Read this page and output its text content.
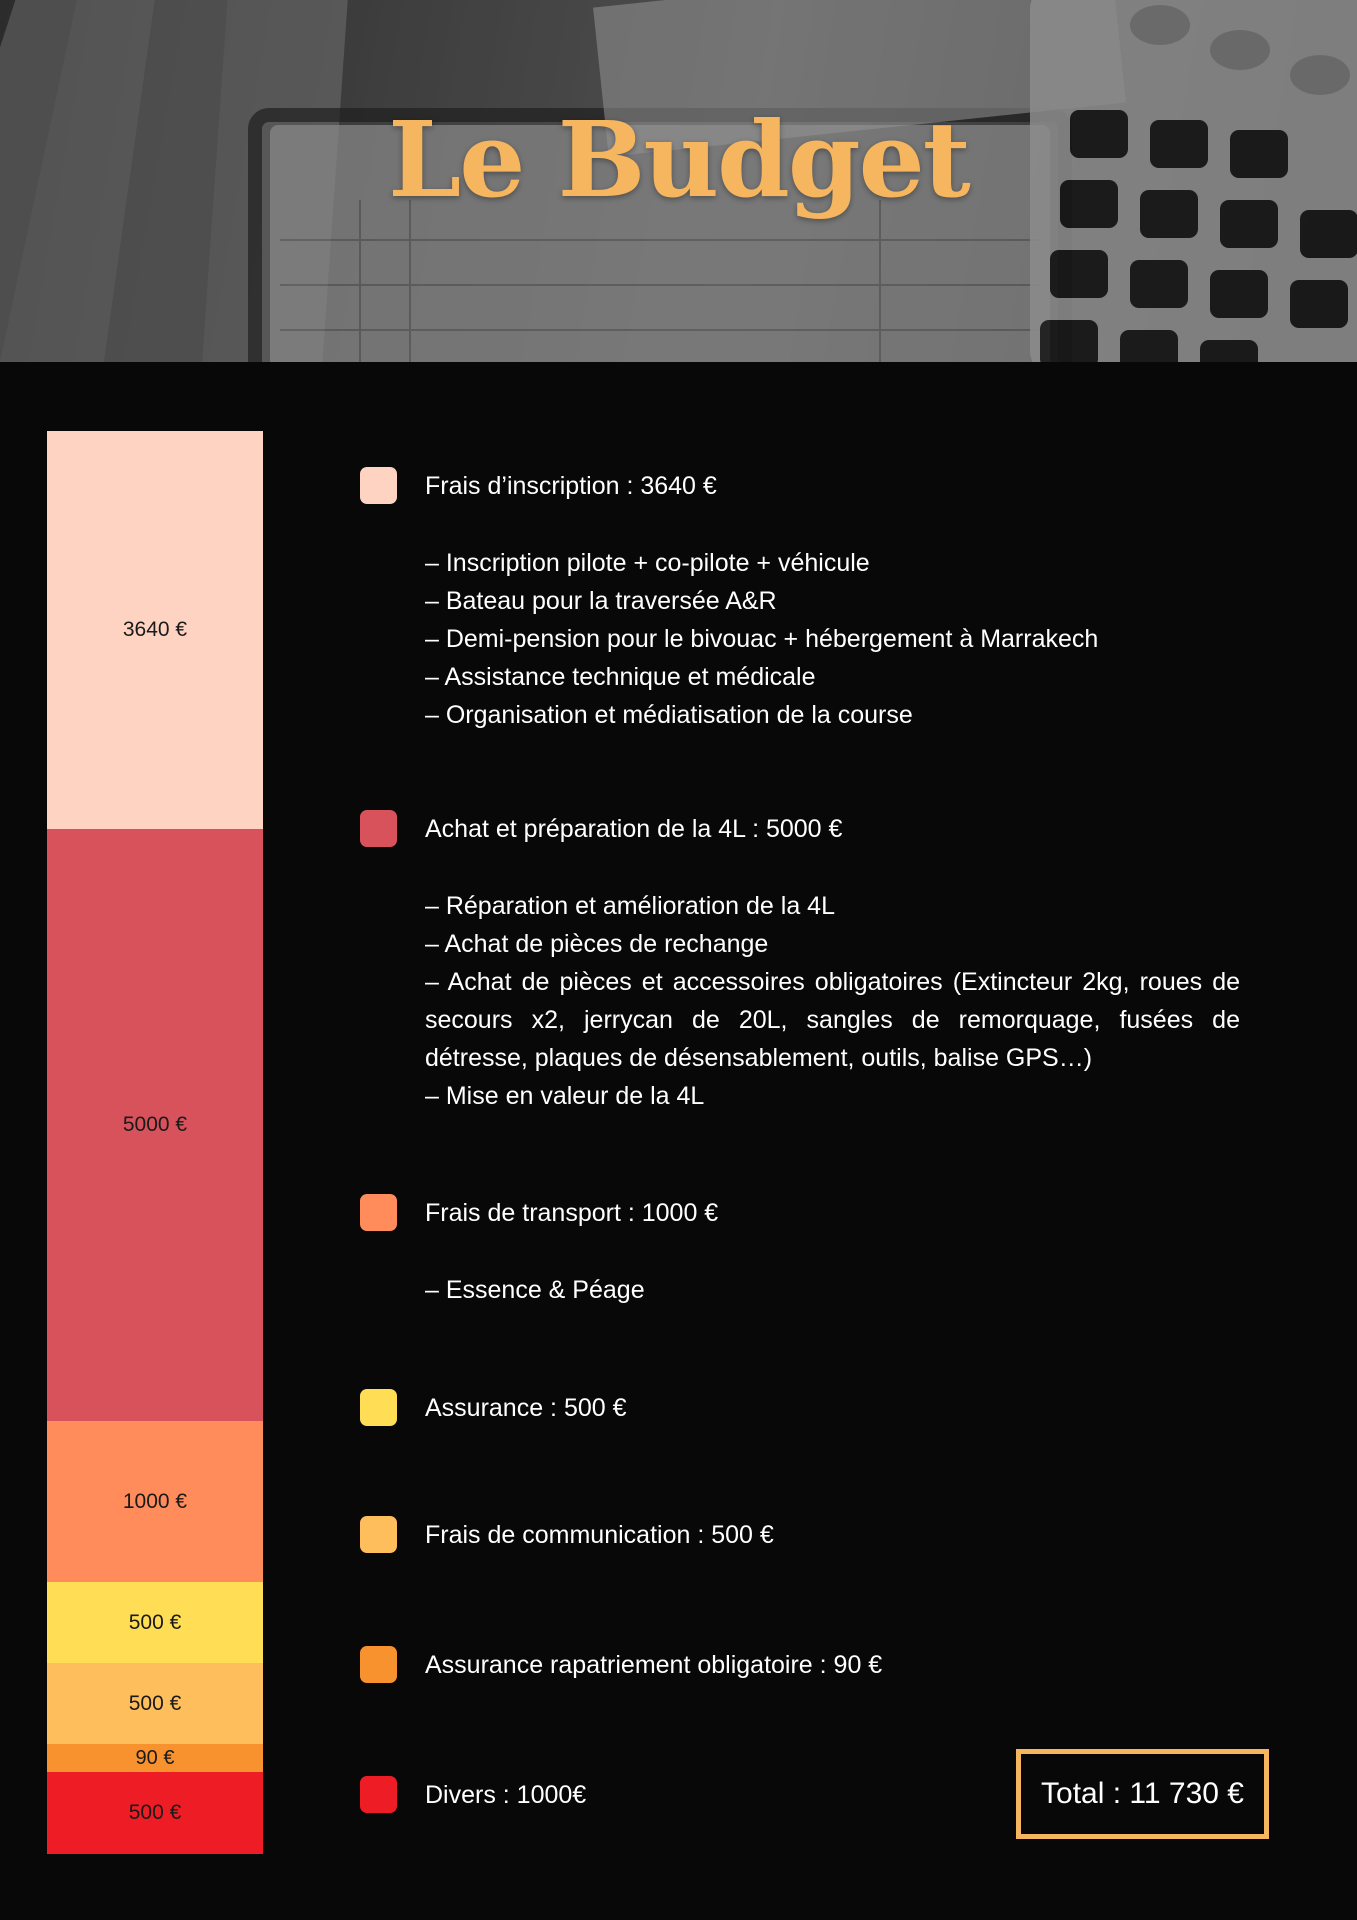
Le Budget
3640 €
5000 €
1000 €
500 €
500 €
90 €
500 €
Frais d’inscription : 3640 €
– Inscription pilote + co-pilote + véhicule
– Bateau pour la traversée A&R
– Demi-pension pour le bivouac + hébergement à Marrakech
– Assistance technique et médicale
– Organisation et médiatisation de la course
Achat et préparation de la 4L : 5000 €
– Réparation et amélioration de la 4L
– Achat de pièces de rechange
– Achat de pièces et accessoires obligatoires (Extincteur 2kg, roues de secours x2, jerrycan de 20L, sangles de remorquage, fusées de détresse, plaques de désensablement, outils, balise GPS…)
– Mise en valeur de la 4L
Frais de transport : 1000 €
– Essence & Péage
Assurance : 500 €
Frais de communication : 500 €
Assurance rapatriement obligatoire : 90 €
Divers : 1000€	Total : 11 730 €
